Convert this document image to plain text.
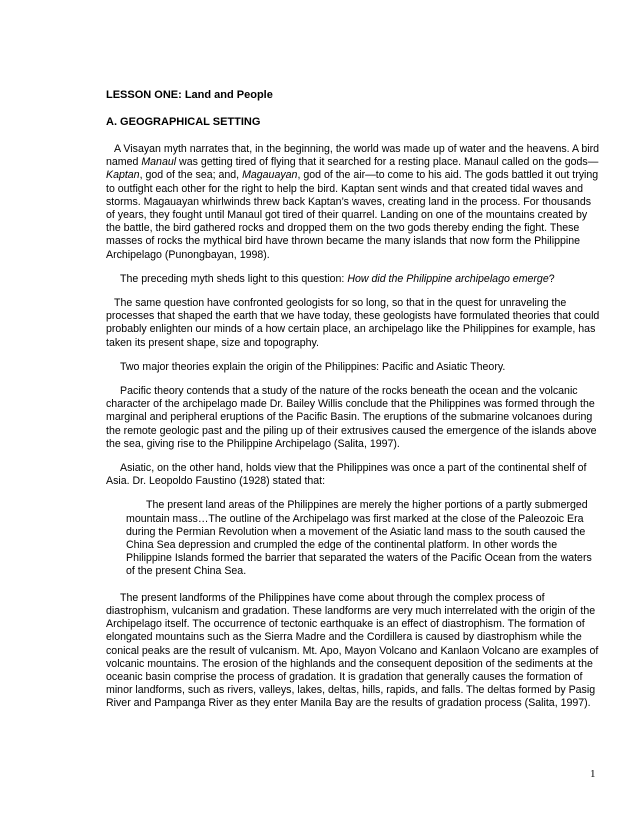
LESSON ONE: Land and People

A. GEOGRAPHICAL SETTING

A Visayan myth narrates that, in the beginning, the world was made up of water and the heavens. A bird named Manaul was getting tired of flying that it searched for a resting place. Manaul called on the gods—Kaptan, god of the sea; and, Magauayan, god of the air—to come to his aid. The gods battled it out trying to outfight each other for the right to help the bird. Kaptan sent winds and that created tidal waves and storms. Magauayan whirlwinds threw back Kaptan’s waves, creating land in the process. For thousands of years, they fought until Manaul got tired of their quarrel. Landing on one of the mountains created by the battle, the bird gathered rocks and dropped them on the two gods thereby ending the fight. These masses of rocks the mythical bird have thrown became the many islands that now form the Philippine Archipelago (Punongbayan, 1998).

The preceding myth sheds light to this question: How did the Philippine archipelago emerge?

The same question have confronted geologists for so long, so that in the quest for unraveling the processes that shaped the earth that we have today, these geologists have formulated theories that could probably enlighten our minds of a how certain place, an archipelago like the Philippines for example, has taken its present shape, size and topography.

Two major theories explain the origin of the Philippines: Pacific and Asiatic Theory.

Pacific theory contends that a study of the nature of the rocks beneath the ocean and the volcanic character of the archipelago made Dr. Bailey Willis conclude that the Philippines was formed through the marginal and peripheral eruptions of the Pacific Basin. The eruptions of the submarine volcanoes during the remote geologic past and the piling up of their extrusives caused the emergence of the islands above the sea, giving rise to the Philippine Archipelago (Salita, 1997).

Asiatic, on the other hand, holds view that the Philippines was once a part of the continental shelf of Asia. Dr. Leopoldo Faustino (1928) stated that:

The present land areas of the Philippines are merely the higher portions of a partly submerged mountain mass…The outline of the Archipelago was first marked at the close of the Paleozoic Era during the Permian Revolution when a movement of the Asiatic land mass to the south caused the China Sea depression and crumpled the edge of the continental platform. In other words the Philippine Islands formed the barrier that separated the waters of the Pacific Ocean from the waters of the present China Sea.

The present landforms of the Philippines have come about through the complex process of diastrophism, vulcanism and gradation. These landforms are very much interrelated with the origin of the Archipelago itself. The occurrence of tectonic earthquake is an effect of diastrophism. The formation of elongated mountains such as the Sierra Madre and the Cordillera is caused by diastrophism while the conical peaks are the result of vulcanism. Mt. Apo, Mayon Volcano and Kanlaon Volcano are examples of volcanic mountains. The erosion of the highlands and the consequent deposition of the sediments at the oceanic basin comprise the process of gradation. It is gradation that generally causes the formation of minor landforms, such as rivers, valleys, lakes, deltas, hills, rapids, and falls. The deltas formed by Pasig River and Pampanga River as they enter Manila Bay are the results of gradation process (Salita, 1997).

1
